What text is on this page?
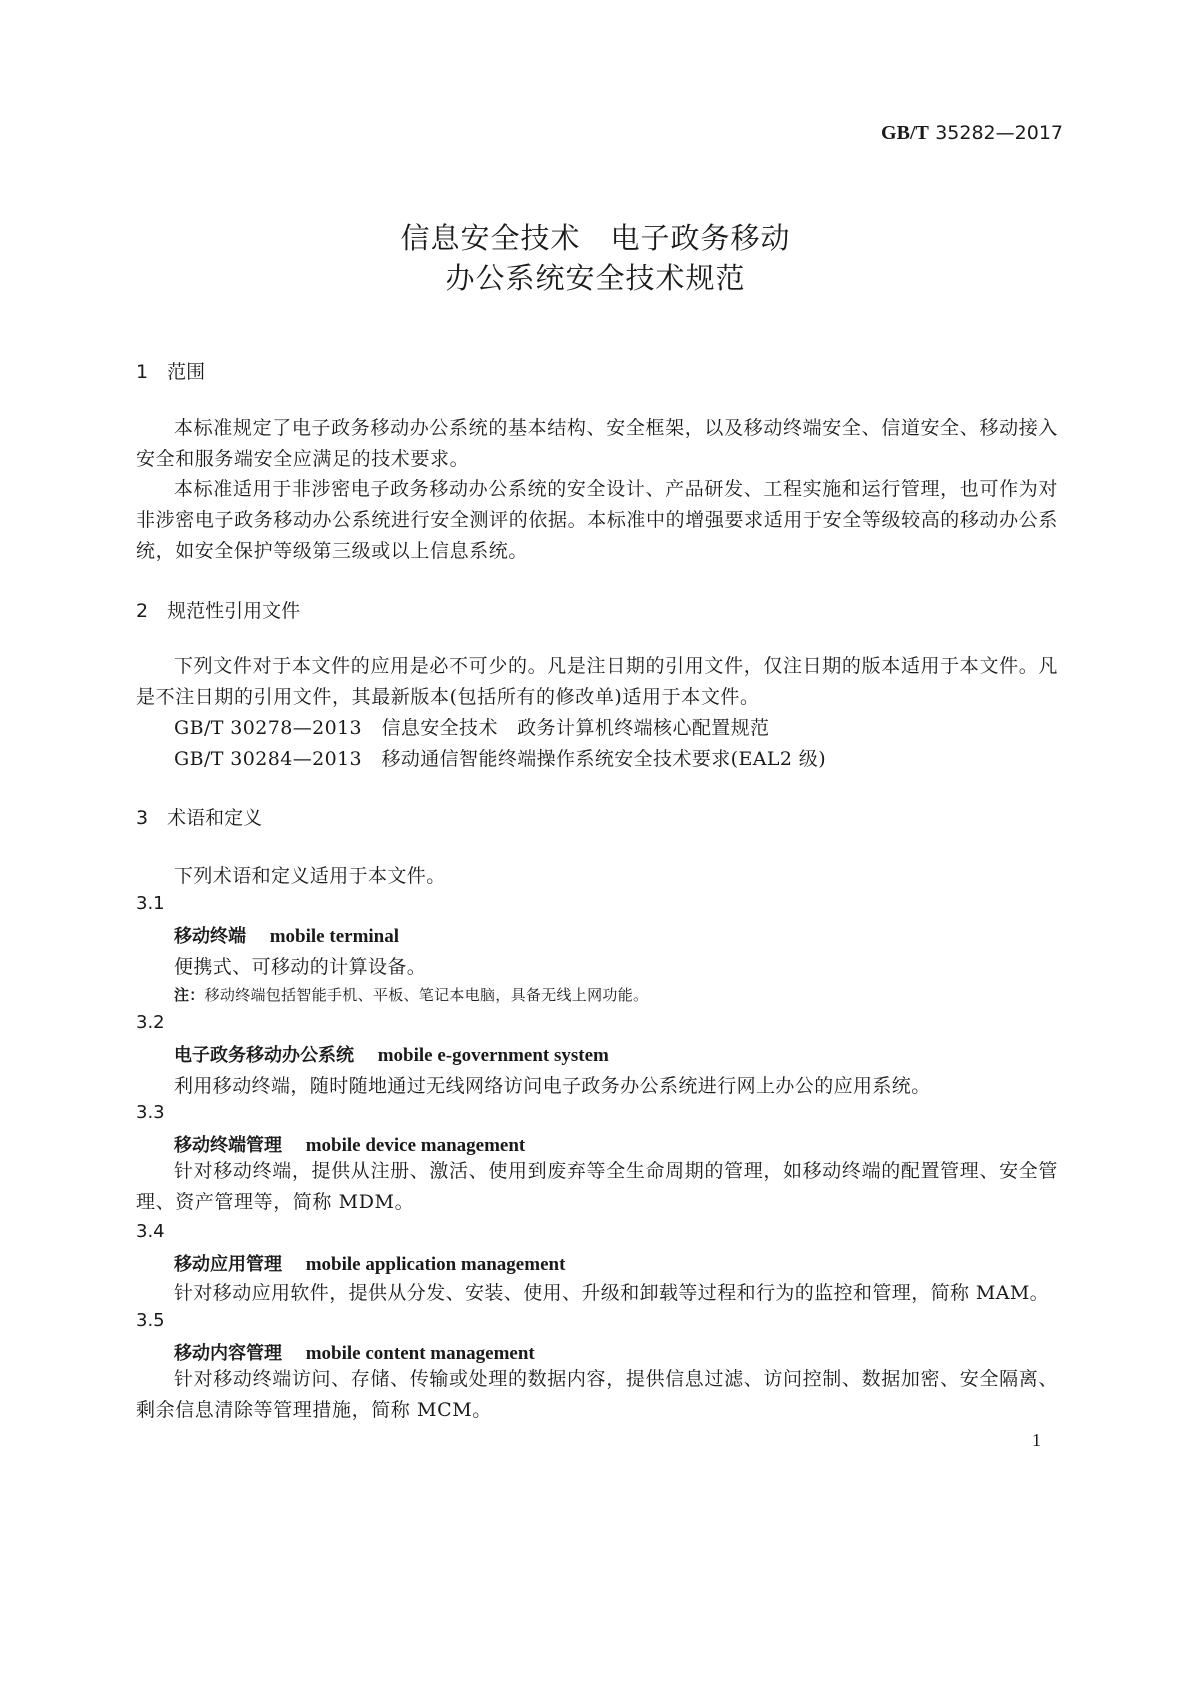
GB/T 35282—2017
信息安全技术　电子政务移动
办公系统安全技术规范
1　范围
本标准规定了电子政务移动办公系统的基本结构、安全框架，以及移动终端安全、信道安全、移动接入安全和服务端安全应满足的技术要求。
本标准适用于非涉密电子政务移动办公系统的安全设计、产品研发、工程实施和运行管理，也可作为对非涉密电子政务移动办公系统进行安全测评的依据。本标准中的增强要求适用于安全等级较高的移动办公系统，如安全保护等级第三级或以上信息系统。
2　规范性引用文件
下列文件对于本文件的应用是必不可少的。凡是注日期的引用文件，仅注日期的版本适用于本文件。凡是不注日期的引用文件，其最新版本(包括所有的修改单)适用于本文件。
GB/T 30278—2013　信息安全技术　政务计算机终端核心配置规范
GB/T 30284—2013　移动通信智能终端操作系统安全技术要求(EAL2 级)
3　术语和定义
下列术语和定义适用于本文件。
3.1
移动终端　 mobile terminal
便携式、可移动的计算设备。
注：移动终端包括智能手机、平板、笔记本电脑，具备无线上网功能。
3.2
电子政务移动办公系统　 mobile e-government system
利用移动终端，随时随地通过无线网络访问电子政务办公系统进行网上办公的应用系统。
3.3
移动终端管理　 mobile device management
针对移动终端，提供从注册、激活、使用到废弃等全生命周期的管理，如移动终端的配置管理、安全管理、资产管理等，简称 MDM。
3.4
移动应用管理　 mobile application management
针对移动应用软件，提供从分发、安装、使用、升级和卸载等过程和行为的监控和管理，简称 MAM。
3.5
移动内容管理　 mobile content management
针对移动终端访问、存储、传输或处理的数据内容，提供信息过滤、访问控制、数据加密、安全隔离、剩余信息清除等管理措施，简称 MCM。
1
